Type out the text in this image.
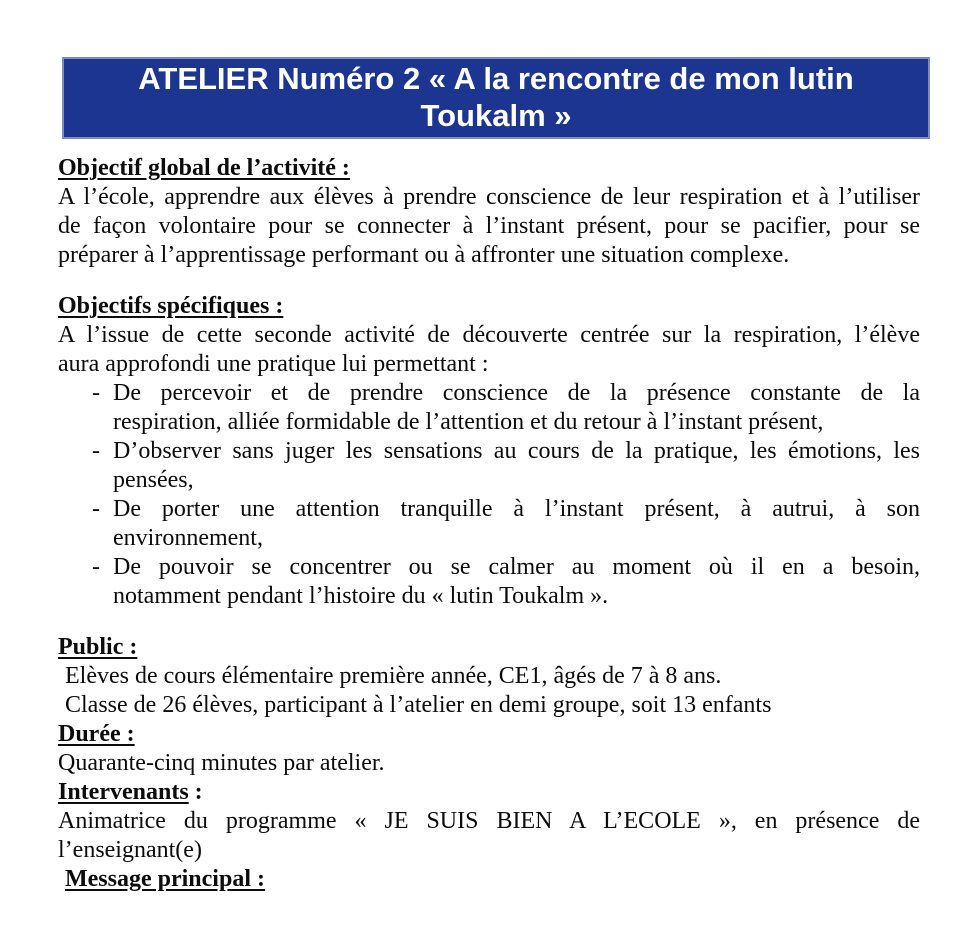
ATELIER Numéro 2 « A la rencontre de mon lutin Toukalm »
Objectif global de l’activité :
A l’école, apprendre aux élèves à prendre conscience de leur respiration et à l’utiliser
de façon volontaire pour se connecter à l’instant présent, pour se pacifier, pour se
préparer à l’apprentissage performant ou à affronter une situation complexe.
Objectifs spécifiques :
A l’issue de cette seconde activité de découverte centrée sur la respiration, l’élève
aura approfondi une pratique lui permettant :
- De percevoir et de prendre conscience de la présence constante de la
respiration, alliée formidable de l’attention et du retour à l’instant présent,
- D’observer sans juger les sensations au cours de la pratique, les émotions, les
pensées,
- De porter une attention tranquille à l’instant présent, à autrui, à son
environnement,
- De pouvoir se concentrer ou se calmer au moment où il en a besoin,
notamment pendant l’histoire du « lutin Toukalm ».
Public :
Elèves de cours élémentaire première année, CE1, âgés de 7 à 8 ans.
Classe de 26 élèves, participant à l’atelier en demi groupe, soit 13 enfants
Durée :
Quarante-cinq minutes par atelier.
Intervenants :
Animatrice du programme « JE SUIS BIEN A L’ECOLE », en présence de
l’enseignant(e)
Message principal :
